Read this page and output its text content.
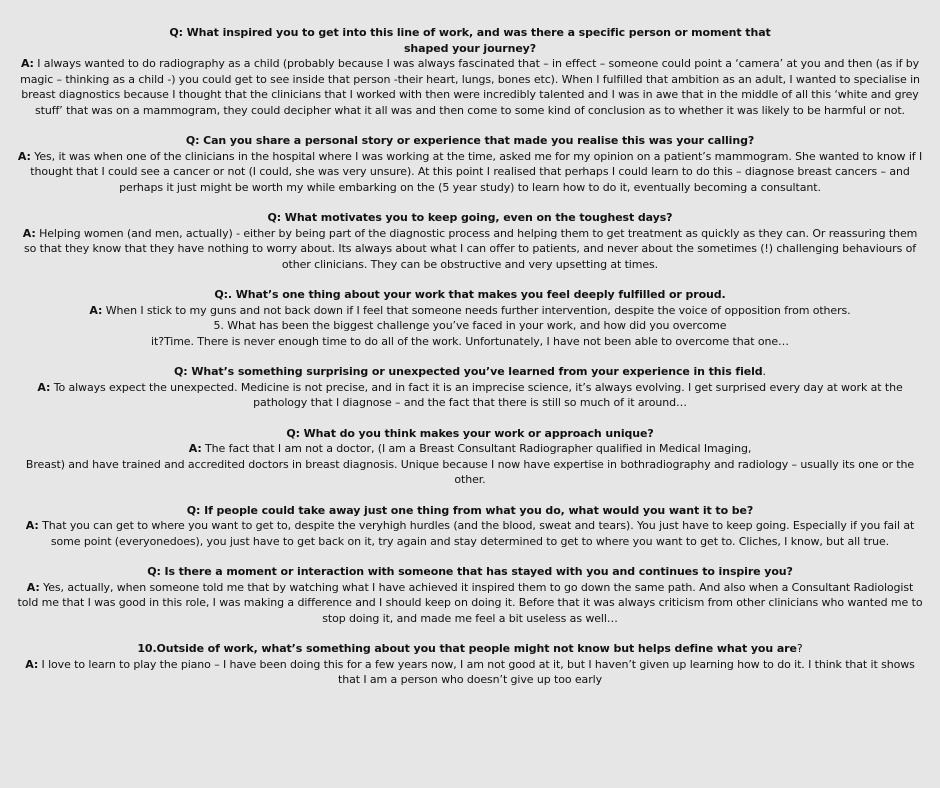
Q: What inspired you to get into this line of work, and was there a specific person or moment that
shaped your journey?
A: I always wanted to do radiography as a child (probably because I was always fascinated that – in effect – someone could point a ‘camera’ at you and then (as if by magic – thinking as a child -) you could get to see inside that person -their heart, lungs, bones etc). When I fulfilled that ambition as an adult, I wanted to specialise in breast diagnostics because I thought that the clinicians that I worked with then were incredibly talented and I was in awe that in the middle of all this ‘white and grey stuff’ that was on a mammogram, they could decipher what it all was and then come to some kind of conclusion as to whether it was likely to be harmful or not.
Q: Can you share a personal story or experience that made you realise this was your calling?
A: Yes, it was when one of the clinicians in the hospital where I was working at the time, asked me for my opinion on a patient’s mammogram. She wanted to know if I thought that I could see a cancer or not (I could, she was very unsure). At this point I realised that perhaps I could learn to do this – diagnose breast cancers – and perhaps it just might be worth my while embarking on the (5 year study) to learn how to do it, eventually becoming a consultant.
Q: What motivates you to keep going, even on the toughest days?
A: Helping women (and men, actually) - either by being part of the diagnostic process and helping them to get treatment as quickly as they can. Or reassuring them so that they know that they have nothing to worry about. Its always about what I can offer to patients, and never about the sometimes (!) challenging behaviours of other clinicians. They can be obstructive and very upsetting at times.
Q:. What’s one thing about your work that makes you feel deeply fulfilled or proud.
A: When I stick to my guns and not back down if I feel that someone needs further intervention, despite the voice of opposition from others.
5. What has been the biggest challenge you’ve faced in your work, and how did you overcome
it?Time. There is never enough time to do all of the work. Unfortunately, I have not been able to overcome that one…
Q: What’s something surprising or unexpected you’ve learned from your experience in this field.
A: To always expect the unexpected. Medicine is not precise, and in fact it is an imprecise science, it’s always evolving. I get surprised every day at work at the pathology that I diagnose – and the fact that there is still so much of it around…
Q: What do you think makes your work or approach unique?
A: The fact that I am not a doctor, (I am a Breast Consultant Radiographer qualified in Medical Imaging,
Breast) and have trained and accredited doctors in breast diagnosis. Unique because I now have expertise in bothradiography and radiology – usually its one or the other.
Q: If people could take away just one thing from what you do, what would you want it to be?
A: That you can get to where you want to get to, despite the veryhigh hurdles (and the blood, sweat and tears). You just have to keep going. Especially if you fail at some point (everyonedoes), you just have to get back on it, try again and stay determined to get to where you want to get to. Cliches, I know, but all true.
Q: Is there a moment or interaction with someone that has stayed with you and continues to inspire you?
A: Yes, actually, when someone told me that by watching what I have achieved it inspired them to go down the same path. And also when a Consultant Radiologist told me that I was good in this role, I was making a difference and I should keep on doing it. Before that it was always criticism from other clinicians who wanted me to stop doing it, and made me feel a bit useless as well…
10.Outside of work, what’s something about you that people might not know but helps define what you are?
A: I love to learn to play the piano – I have been doing this for a few years now, I am not good at it, but I haven’t given up learning how to do it. I think that it shows that I am a person who doesn’t give up too early
